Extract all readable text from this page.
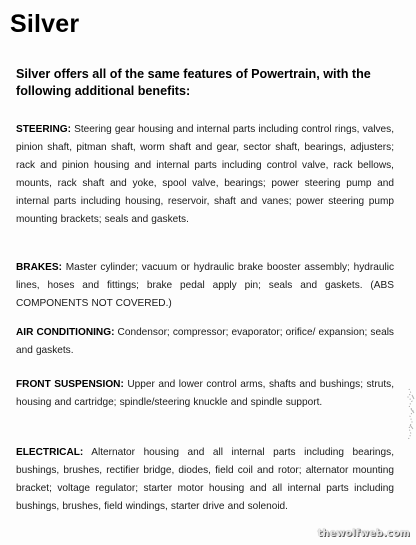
Silver
Silver offers all of the same features of Powertrain, with the following additional benefits:
STEERING: Steering gear housing and internal parts including control rings, valves, pinion shaft, pitman shaft, worm shaft and gear, sector shaft, bearings, adjusters; rack and pinion housing and internal parts including control valve, rack bellows, mounts, rack shaft and yoke, spool valve, bearings; power steering pump and internal parts including housing, reservoir, shaft and vanes; power steering pump mounting brackets; seals and gaskets.
BRAKES: Master cylinder; vacuum or hydraulic brake booster assembly; hydraulic lines, hoses and fittings; brake pedal apply pin; seals and gaskets. (ABS COMPONENTS NOT COVERED.)
AIR CONDITIONING: Condensor; compressor; evaporator; orifice/ expansion; seals and gaskets.
FRONT SUSPENSION: Upper and lower control arms, shafts and bushings; struts, housing and cartridge; spindle/steering knuckle and spindle support.
ELECTRICAL: Alternator housing and all internal parts including bearings, bushings, brushes, rectifier bridge, diodes, field coil and rotor; alternator mounting bracket; voltage regulator; starter motor housing and all internal parts including bushings, brushes, field windings, starter drive and solenoid.
thewolfweb.com
